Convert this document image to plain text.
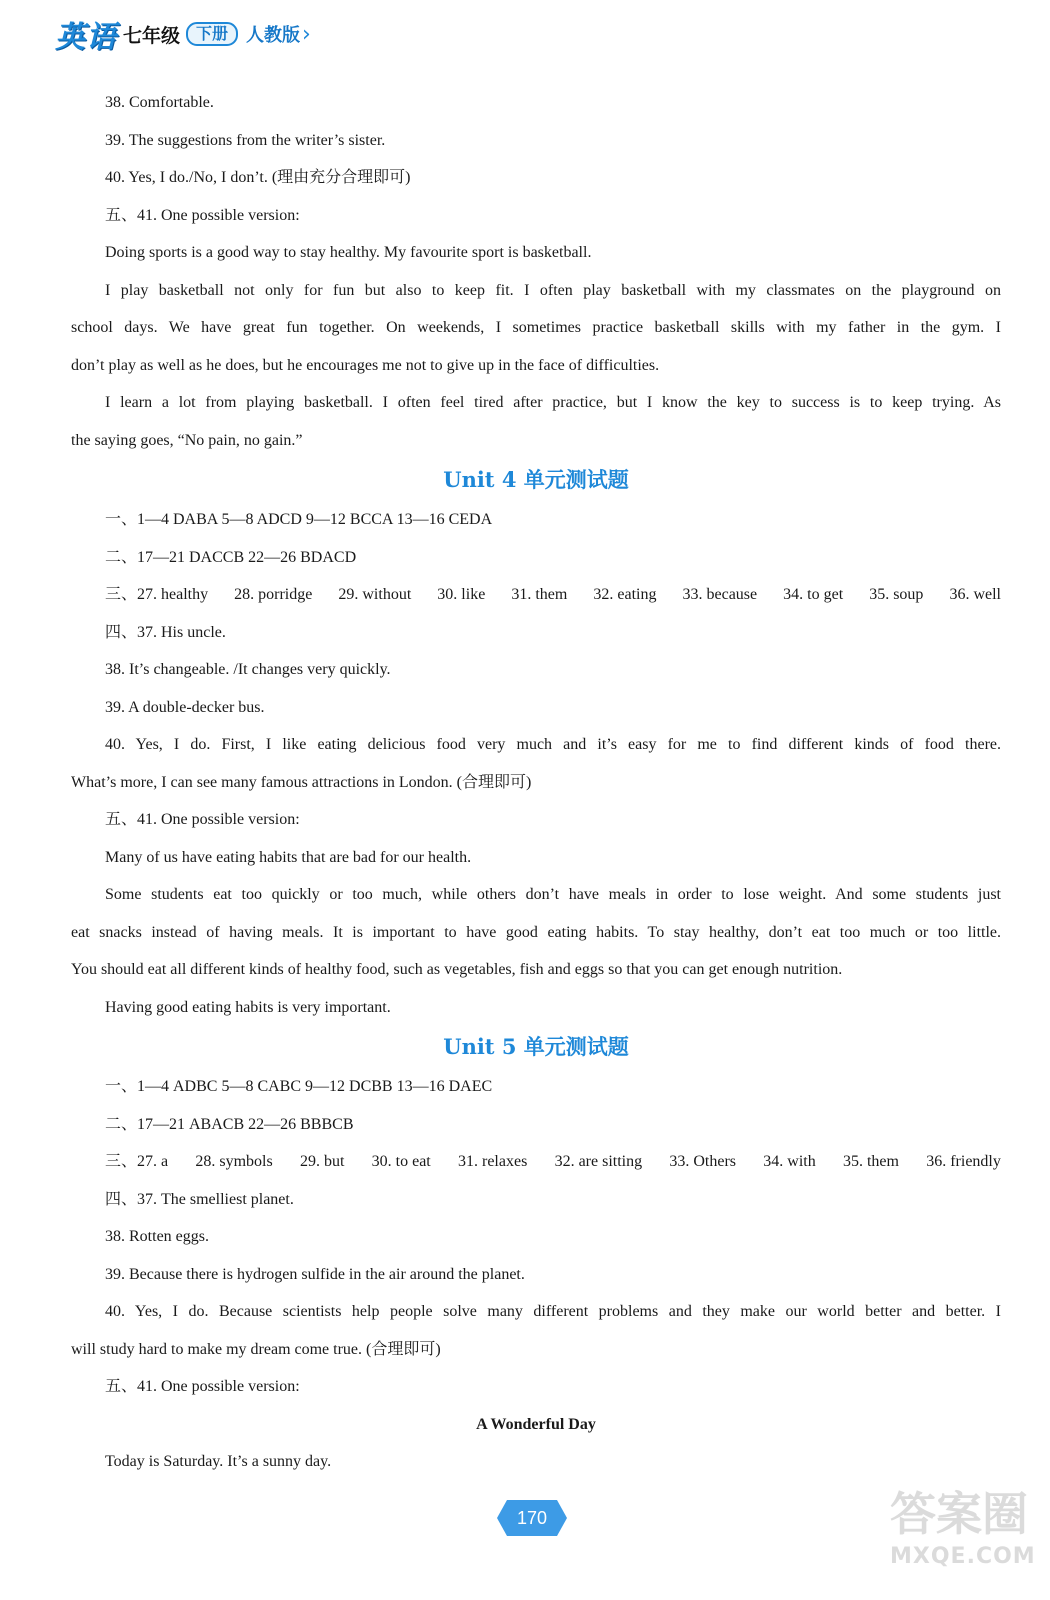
英语 七年级	下册	人教版 ›
38. Comfortable.
39. The suggestions from the writer’s sister.
40. Yes, I do./No, I don’t. (理由充分合理即可)
五、41. One possible version:
Doing sports is a good way to stay healthy. My favourite sport is basketball.
I play basketball not only for fun but also to keep fit. I often play basketball with my classmates on the playground on
school days. We have great fun together. On weekends, I sometimes practice basketball skills with my father in the gym. I
don’t play as well as he does, but he encourages me not to give up in the face of difficulties.
I learn a lot from playing basketball. I often feel tired after practice, but I know the key to success is to keep trying. As
the saying goes, “No pain, no gain.”
Unit 4 单元测试题
一、1—4 DABA 5—8 ADCD 9—12 BCCA 13—16 CEDA
二、17—21 DACCB 22—26 BDACD
三、27. healthy 28. porridge 29. without 30. like 31. them 32. eating 33. because 34. to get 35. soup 36. well
四、37. His uncle.
38. It’s changeable. /It changes very quickly.
39. A double-decker bus.
40. Yes, I do. First, I like eating delicious food very much and it’s easy for me to find different kinds of food there.
What’s more, I can see many famous attractions in London. (合理即可)
五、41. One possible version:
Many of us have eating habits that are bad for our health.
Some students eat too quickly or too much, while others don’t have meals in order to lose weight. And some students just
eat snacks instead of having meals. It is important to have good eating habits. To stay healthy, don’t eat too much or too little.
You should eat all different kinds of healthy food, such as vegetables, fish and eggs so that you can get enough nutrition.
Having good eating habits is very important.
Unit 5 单元测试题
一、1—4 ADBC 5—8 CABC 9—12 DCBB 13—16 DAEC
二、17—21 ABACB 22—26 BBBCB
三、27. a 28. symbols 29. but 30. to eat 31. relaxes 32. are sitting 33. Others 34. with 35. them 36. friendly
四、37. The smelliest planet.
38. Rotten eggs.
39. Because there is hydrogen sulfide in the air around the planet.
40. Yes, I do. Because scientists help people solve many different problems and they make our world better and better. I
will study hard to make my dream come true. (合理即可)
五、41. One possible version:
A Wonderful Day
Today is Saturday. It’s a sunny day.
170	答案圈
MXQE.COM
